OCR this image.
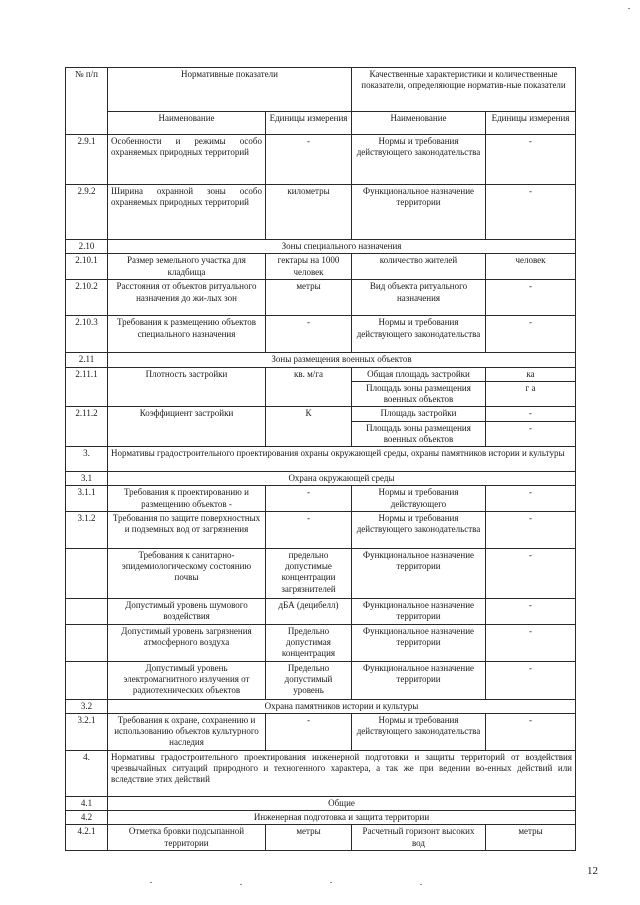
№ п/п	Нормативные показатели		Качественные характеристики и количественные показатели, определяющие норматив-ные показатели	
	Наименование	Единицы измерения	Наименование	Единицы измерения
2.9.1	Особенности и режимы особо охраняемых природных территорий	-	Нормы и требования действующего законодательства	-
2.9.2	Ширина охранной зоны особо охраняемых природных территорий	километры	Функциональное назначение территории	-
2.10	Зоны специального назначения			
2.10.1	Размер земельного участка для кладбища	гектары на 1000 человек	количество жителей	человек
2.10.2	Расстояния от объектов ритуального назначения до жи-лых зон	метры	Вид объекта ритуального назначения	-
2.10.3	Требования к размещению объектов специального назначения	-	Нормы и требования действующего законодательства	-
2.11	Зоны размещения военных объектов			
2.11.1	Плотность застройки	кв. м/га	Общая площадь застройки	ка
			Площадь зоны размещения военных объектов	г а
2.11.2	Коэффициент застройки	К	Площадь застройки	-
			Площадь зоны размещения военных объектов	-
3.	Нормативы градостроительного проектирования охраны окружающей среды, охраны памятников истории и культуры			
3.1	Охрана окружающей среды			
3.1.1	Требования к проектированию и размещению объектов -	-	Нормы и требования действующего	-
3.1.2	Требования по защите поверхностных и подземных вод от загрязнения	-	Нормы и требования действующего законодательства	-
	Требования к санитарно-эпидемиологическому состоянию почвы	предельно допустимые концентрации загрязнителей	Функциональное назначение территории	-
	Допустимый уровень шумового воздействия	дБА (децибелл)	Функциональное назначение территории	-
	Допустимый уровень загрязнения атмосферного воздуха	Предельно допустимая концентрация	Функциональное назначение территории	-
	Допустимый уровень электромагнитного излучения от радиотехнических объектов	Предельно допустимый уровень	Функциональное назначение территории	-
3.2	Охрана памятников истории и культуры			
3.2.1	Требования к охране, сохранению и использованию объектов культурного наследия	-	Нормы и требования действующего законодательства	-
4.	Нормативы градостроительного проектирования инженерной подготовки и защиты территорий от воздействия чрезвычайных ситуаций природного и техногенного характера, а так же при ведении во-енных действий или вследствие этих действий			
4.1	Общие			
4.2	Инженерная подготовка и защита территории			
4.2.1	Отметка бровки подсыпанной территории	метры	Расчетный горизонт высоких вод	метры
12
